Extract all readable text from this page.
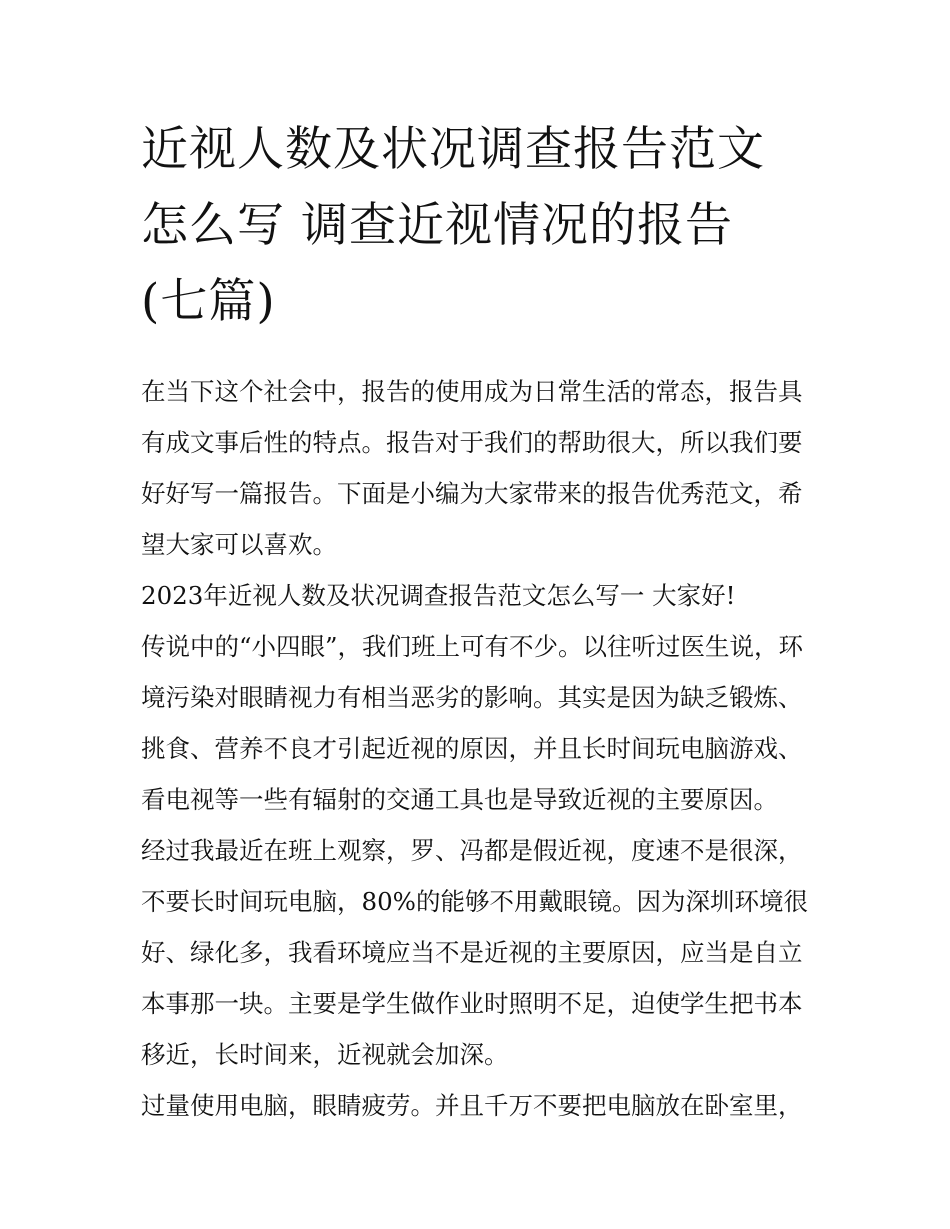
近视人数及状况调查报告范文
怎么写 调查近视情况的报告
(七篇)

在当下这个社会中，报告的使用成为日常生活的常态，报告具
有成文事后性的特点。报告对于我们的帮助很大，所以我们要
好好写一篇报告。下面是小编为大家带来的报告优秀范文，希
望大家可以喜欢。

2023年近视人数及状况调查报告范文怎么写一 大家好!

传说中的“小四眼”，我们班上可有不少。以往听过医生说，环
境污染对眼睛视力有相当恶劣的影响。其实是因为缺乏锻炼、
挑食、营养不良才引起近视的原因，并且长时间玩电脑游戏、
看电视等一些有辐射的交通工具也是导致近视的主要原因。

经过我最近在班上观察，罗、冯都是假近视，度速不是很深，
不要长时间玩电脑，80%的能够不用戴眼镜。因为深圳环境很
好、绿化多，我看环境应当不是近视的主要原因，应当是自立
本事那一块。主要是学生做作业时照明不足，迫使学生把书本
移近，长时间来，近视就会加深。

过量使用电脑，眼睛疲劳。并且千万不要把电脑放在卧室里，
